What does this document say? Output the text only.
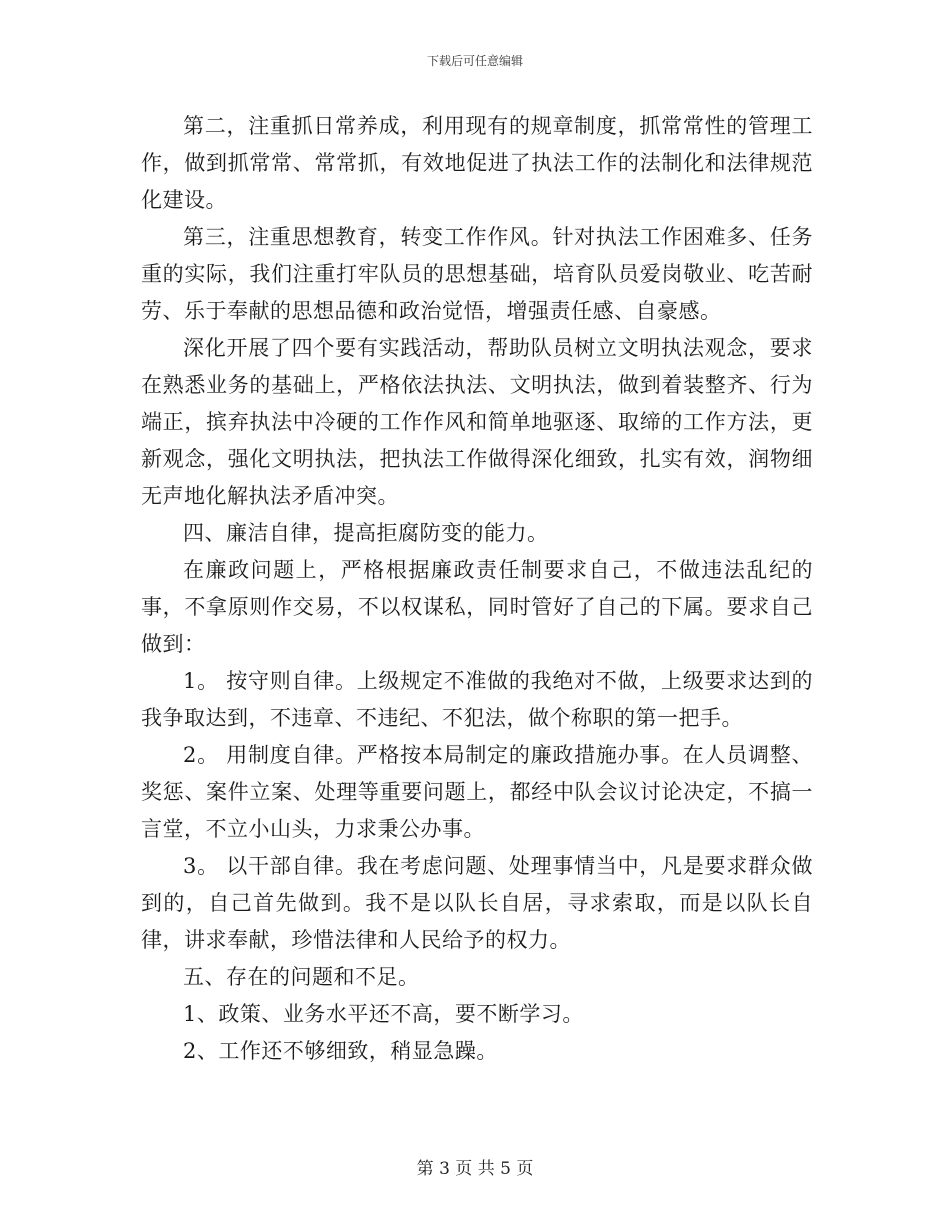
下载后可任意编辑

第二，注重抓日常养成，利用现有的规章制度，抓常常性的管理工作，做到抓常常、常常抓，有效地促进了执法工作的法制化和法律规范化建设。

第三，注重思想教育，转变工作作风。针对执法工作困难多、任务重的实际，我们注重打牢队员的思想基础，培育队员爱岗敬业、吃苦耐劳、乐于奉献的思想品德和政治觉悟，增强责任感、自豪感。

深化开展了四个要有实践活动，帮助队员树立文明执法观念，要求在熟悉业务的基础上，严格依法执法、文明执法，做到着装整齐、行为端正，摈弃执法中冷硬的工作作风和简单地驱逐、取缔的工作方法，更新观念，强化文明执法，把执法工作做得深化细致，扎实有效，润物细无声地化解执法矛盾冲突。

四、廉洁自律，提高拒腐防变的能力。

在廉政问题上，严格根据廉政责任制要求自己，不做违法乱纪的事，不拿原则作交易，不以权谋私，同时管好了自己的下属。要求自己做到：

1。 按守则自律。上级规定不准做的我绝对不做，上级要求达到的我争取达到，不违章、不违纪、不犯法，做个称职的第一把手。

2。 用制度自律。严格按本局制定的廉政措施办事。在人员调整、奖惩、案件立案、处理等重要问题上，都经中队会议讨论决定，不搞一言堂，不立小山头，力求秉公办事。

3。 以干部自律。我在考虑问题、处理事情当中，凡是要求群众做到的，自己首先做到。我不是以队长自居，寻求索取，而是以队长自律，讲求奉献，珍惜法律和人民给予的权力。

五、存在的问题和不足。

1、政策、业务水平还不高，要不断学习。

2、工作还不够细致，稍显急躁。

第 3 页 共 5 页
